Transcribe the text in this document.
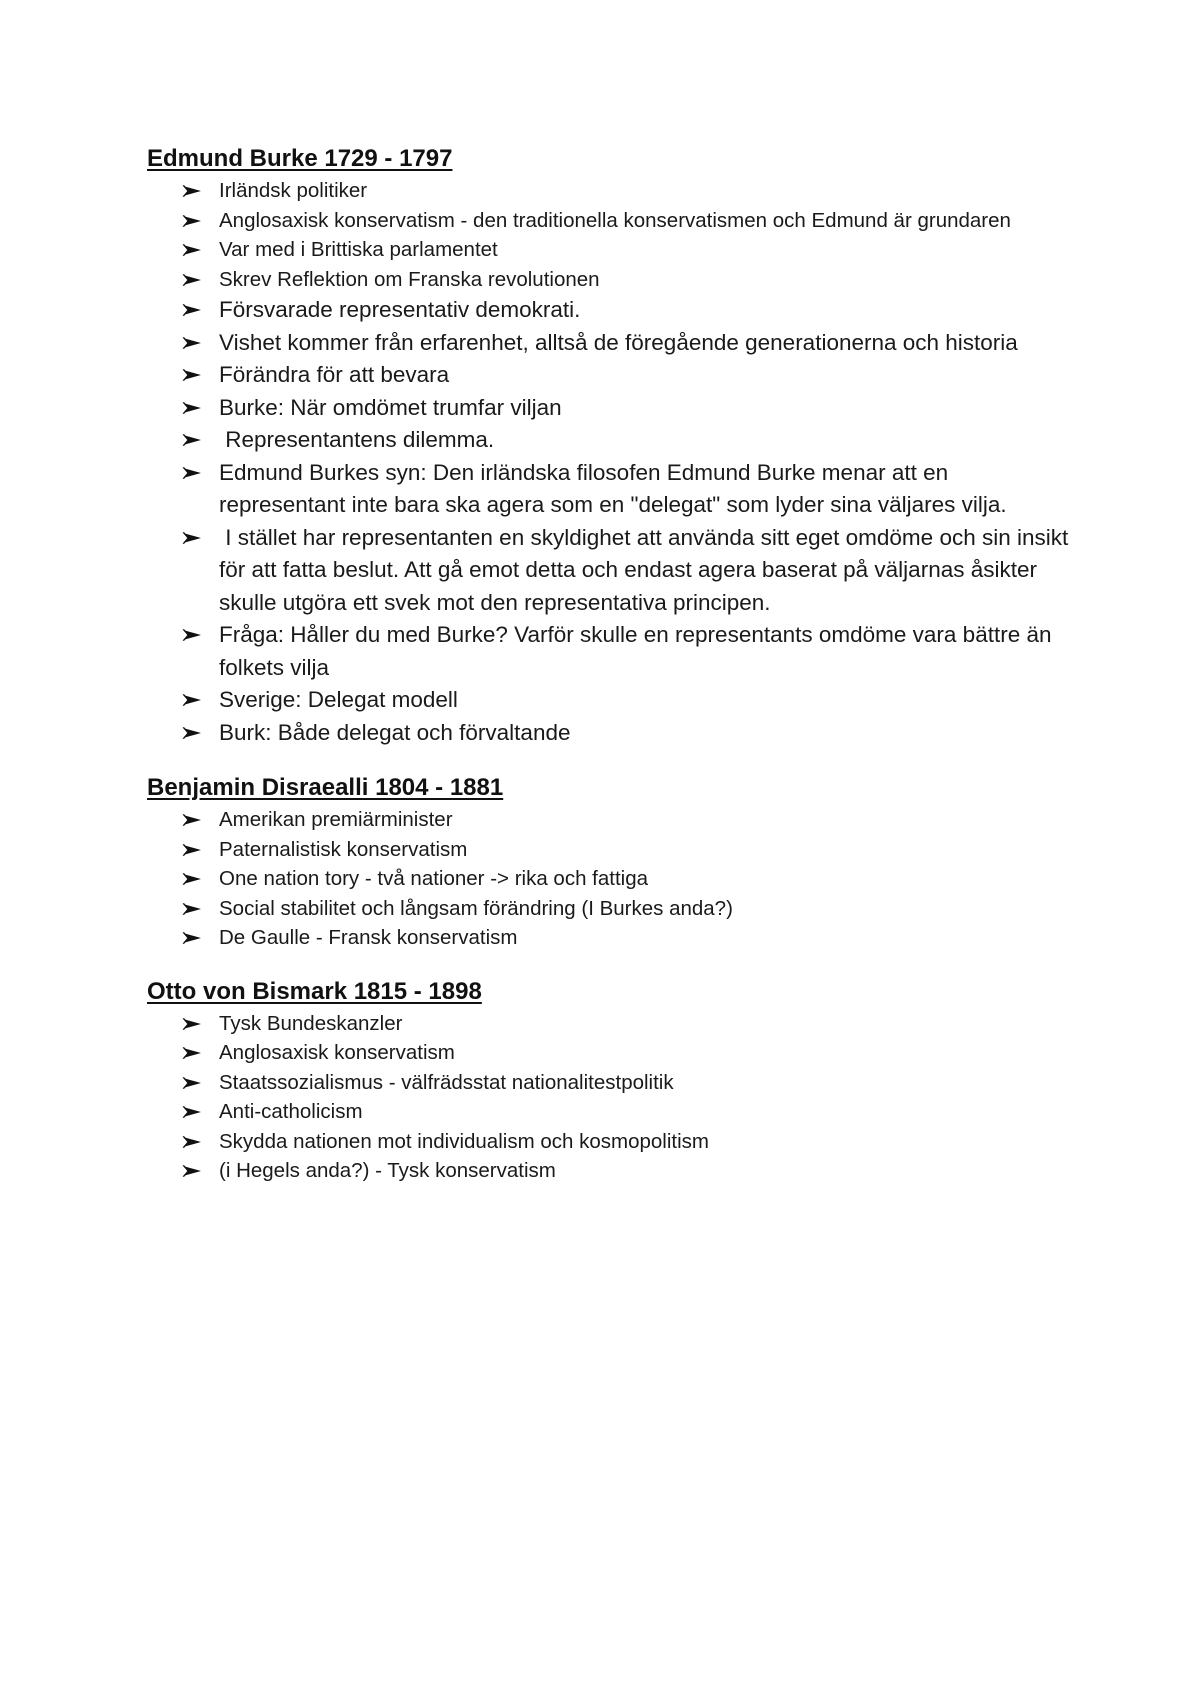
Edmund Burke 1729 - 1797
Irländsk politiker
Anglosaxisk konservatism - den traditionella konservatismen och Edmund är grundaren
Var med i Brittiska parlamentet
Skrev Reflektion om Franska revolutionen
Försvarade representativ demokrati.
Vishet kommer från erfarenhet, alltså de föregående generationerna och historia
Förändra för att bevara
Burke: När omdömet trumfar viljan
Representantens dilemma.
Edmund Burkes syn: Den irländska filosofen Edmund Burke menar att en representant inte bara ska agera som en "delegat" som lyder sina väljares vilja.
I stället har representanten en skyldighet att använda sitt eget omdöme och sin insikt för att fatta beslut. Att gå emot detta och endast agera baserat på väljarnas åsikter skulle utgöra ett svek mot den representativa principen.
Fråga: Håller du med Burke? Varför skulle en representants omdöme vara bättre än folkets vilja
Sverige: Delegat modell
Burk: Både delegat och förvaltande
Benjamin Disraealli 1804 - 1881
Amerikan premiärminister
Paternalistisk konservatism
One nation tory - två nationer -> rika och fattiga
Social stabilitet och långsam förändring (I Burkes anda?)
De Gaulle - Fransk konservatism
Otto von Bismark 1815 - 1898
Tysk Bundeskanzler
Anglosaxisk konservatism
Staatssozialismus - välfrädsstat nationalitestpolitik
Anti-catholicism
Skydda nationen mot individualism och kosmopolitism
(i Hegels anda?) - Tysk konservatism
